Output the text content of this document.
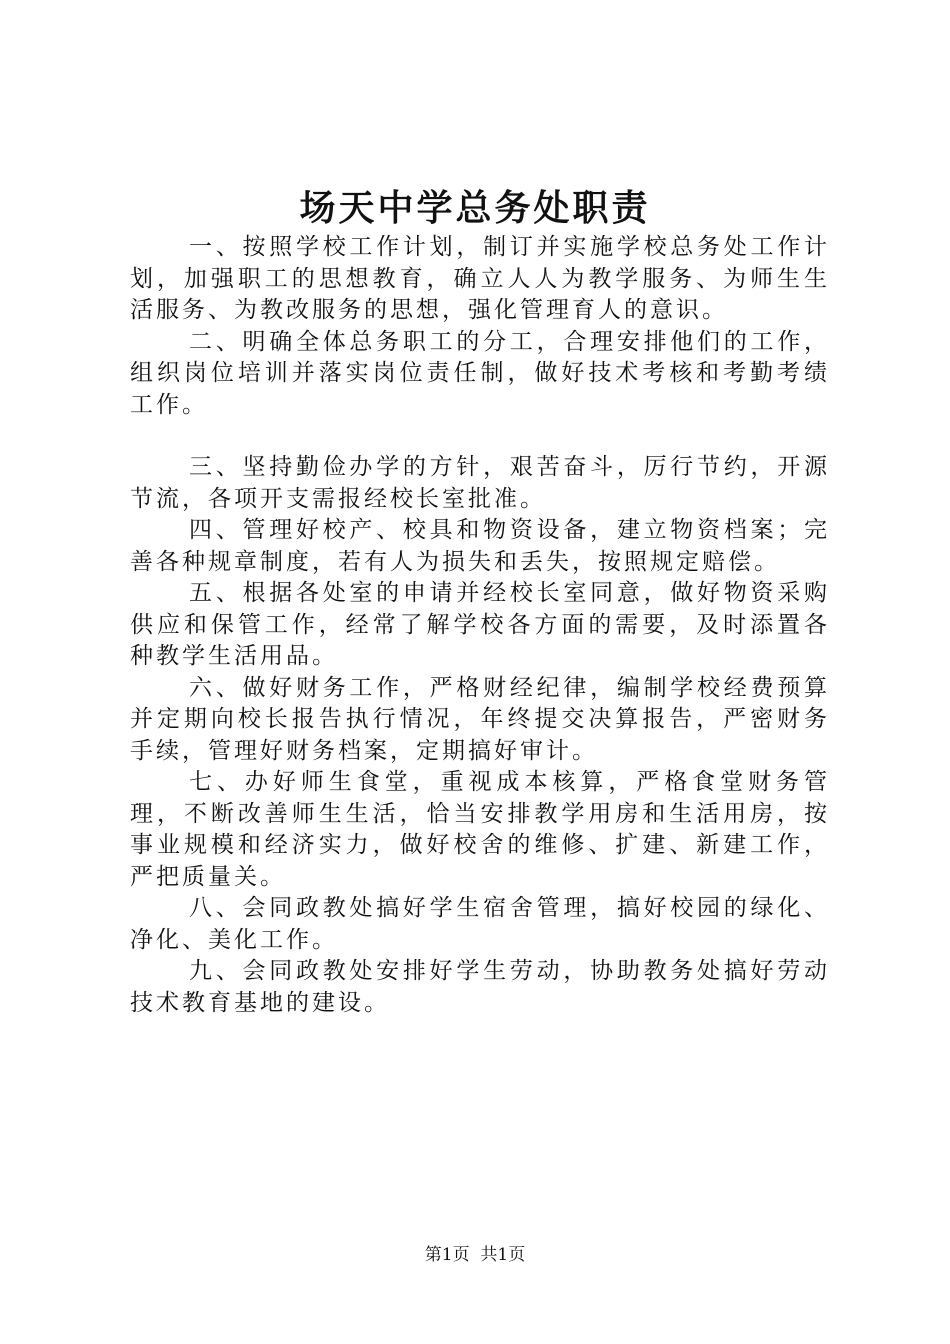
场天中学总务处职责

一、按照学校工作计划，制订并实施学校总务处工作计划，加强职工的思想教育，确立人人为教学服务、为师生生活服务、为教改服务的思想，强化管理育人的意识。

二、明确全体总务职工的分工，合理安排他们的工作，组织岗位培训并落实岗位责任制，做好技术考核和考勤考绩工作。

三、坚持勤俭办学的方针，艰苦奋斗，厉行节约，开源节流，各项开支需报经校长室批准。

四、管理好校产、校具和物资设备，建立物资档案；完善各种规章制度，若有人为损失和丢失，按照规定赔偿。

五、根据各处室的申请并经校长室同意，做好物资采购供应和保管工作，经常了解学校各方面的需要，及时添置各种教学生活用品。

六、做好财务工作，严格财经纪律，编制学校经费预算并定期向校长报告执行情况，年终提交决算报告，严密财务手续，管理好财务档案，定期搞好审计。

七、办好师生食堂，重视成本核算，严格食堂财务管理，不断改善师生生活，恰当安排教学用房和生活用房，按事业规模和经济实力，做好校舍的维修、扩建、新建工作，严把质量关。

八、会同政教处搞好学生宿舍管理，搞好校园的绿化、净化、美化工作。

九、会同政教处安排好学生劳动，协助教务处搞好劳动技术教育基地的建设。

第1页  共1页
